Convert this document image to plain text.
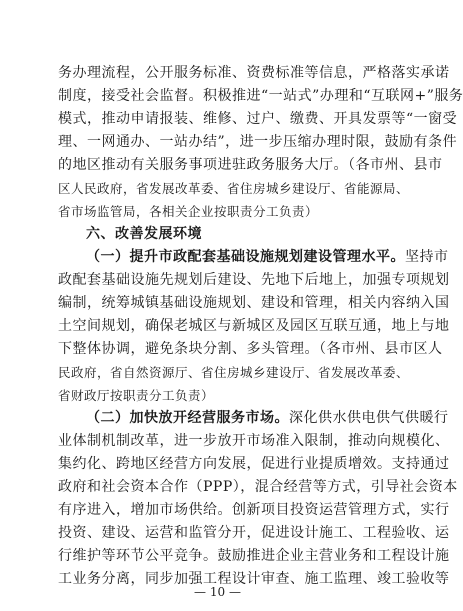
务办理流程，公开服务标准、资费标准等信息，严格落实承诺
制度，接受社会监督。积极推进“一站式”办理和“互联网+”服务
模式，推动申请报装、维修、过户、缴费、开具发票等“一窗受
理、一网通办、一站办结”，进一步压缩办理时限，鼓励有条件
的地区推动有关服务事项进驻政务服务大厅。（各市州、县市
区人民政府，省发展改革委、省住房城乡建设厅、省能源局、
省市场监管局，各相关企业按职责分工负责）
六、改善发展环境
（一）提升市政配套基础设施规划建设管理水平。坚持市
政配套基础设施先规划后建设、先地下后地上，加强专项规划
编制，统筹城镇基础设施规划、建设和管理，相关内容纳入国
土空间规划，确保老城区与新城区及园区互联互通，地上与地
下整体协调，避免条块分割、多头管理。（各市州、县市区人
民政府，省自然资源厅、省住房城乡建设厅、省发展改革委、
省财政厅按职责分工负责）
（二）加快放开经营服务市场。深化供水供电供气供暖行
业体制机制改革，进一步放开市场准入限制，推动向规模化、
集约化、跨地区经营方向发展，促进行业提质增效。支持通过
政府和社会资本合作（PPP），混合经营等方式，引导社会资本
有序进入，增加市场供给。创新项目投资运营管理方式，实行
投资、建设、运营和监管分开，促进设计施工、工程验收、运
行维护等环节公平竞争。鼓励推进企业主营业务和工程设计施
工业务分离，同步加强工程设计审查、施工监理、竣工验收等
— 10 —
